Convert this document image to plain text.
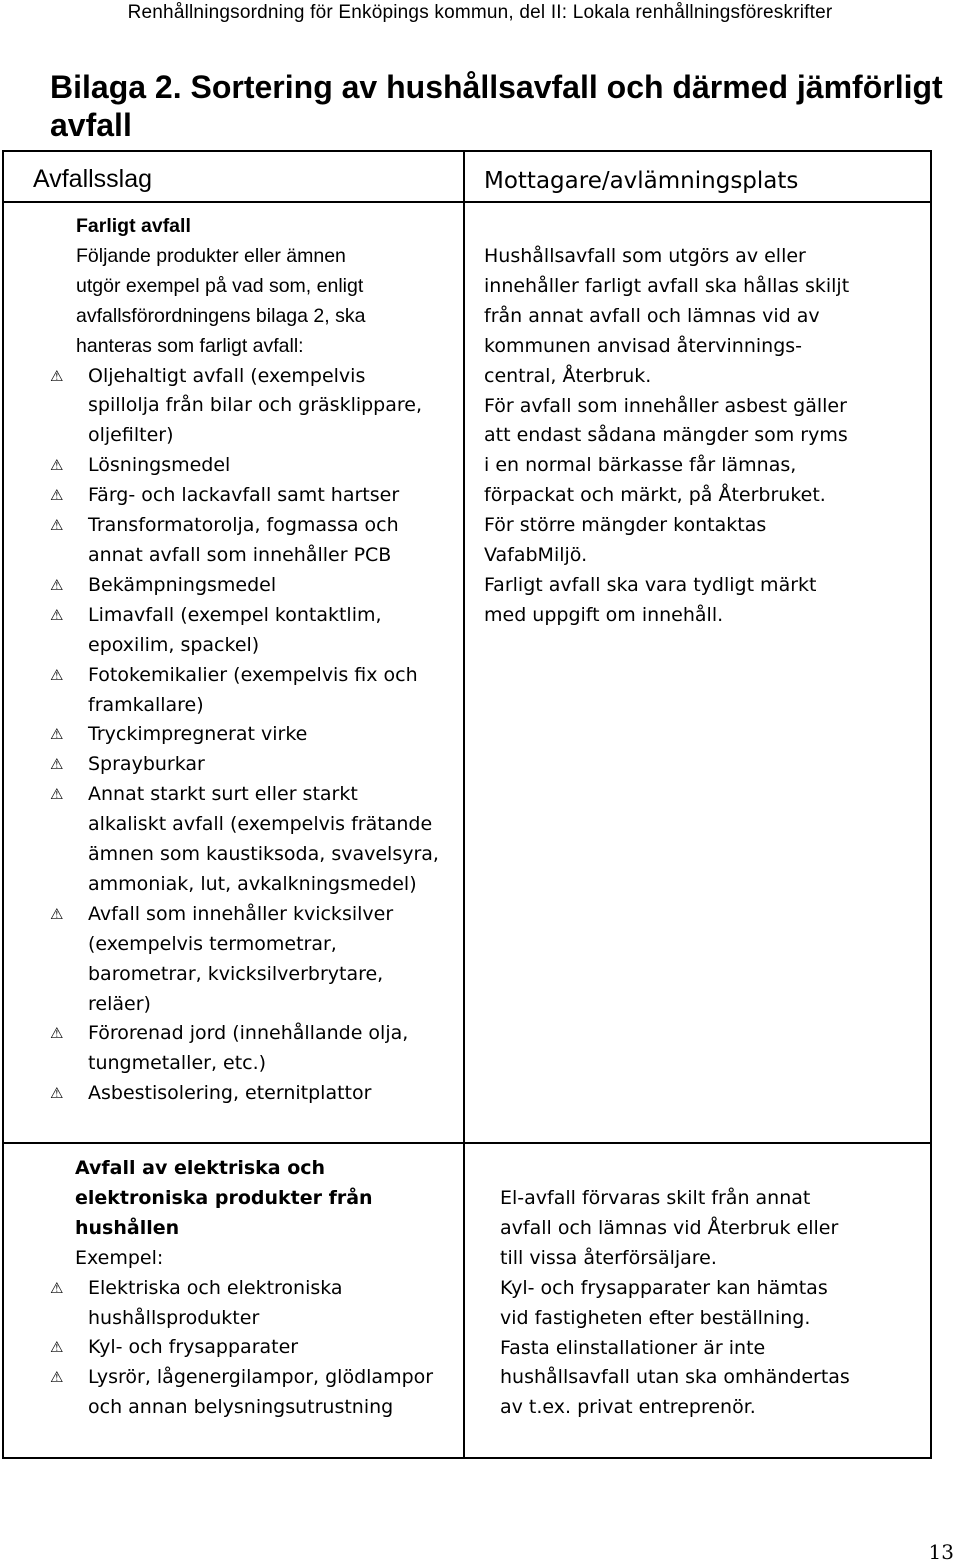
Renhållningsordning för Enköpings kommun, del II: Lokala renhållningsföreskrifter
Bilaga 2. Sortering av hushållsavfall och därmed jämförligt
avfall
Avfallsslag	Mottagare/avlämningsplats
Farligt avfall
Följande produkter eller ämnen
utgör exempel på vad som, enligt
avfallsförordningens bilaga 2, ska
hanteras som farligt avfall:
⚠ Oljehaltigt avfall (exempelvis
spillolja från bilar och gräsklippare,
oljefilter)
⚠ Lösningsmedel
⚠ Färg- och lackavfall samt hartser
⚠ Transformatorolja, fogmassa och
annat avfall som innehåller PCB
⚠ Bekämpningsmedel
⚠ Limavfall (exempel kontaktlim,
epoxilim, spackel)
⚠ Fotokemikalier (exempelvis fix och
framkallare)
⚠ Tryckimpregnerat virke
⚠ Sprayburkar
⚠ Annat starkt surt eller starkt
alkaliskt avfall (exempelvis frätande
ämnen som kaustiksoda, svavelsyra,
ammoniak, lut, avkalkningsmedel)
⚠ Avfall som innehåller kvicksilver
(exempelvis termometrar,
barometrar, kvicksilverbrytare,
reläer)
⚠ Förorenad jord (innehållande olja,
tungmetaller, etc.)
⚠ Asbestisolering, eternitplattor
Hushållsavfall som utgörs av eller
innehåller farligt avfall ska hållas skiljt
från annat avfall och lämnas vid av
kommunen anvisad återvinnings-
central, Återbruk.
För avfall som innehåller asbest gäller
att endast sådana mängder som ryms
i en normal bärkasse får lämnas,
förpackat och märkt, på Återbruket.
För större mängder kontaktas
VafabMiljö.
Farligt avfall ska vara tydligt märkt
med uppgift om innehåll.
Avfall av elektriska och
elektroniska produkter från
hushållen
Exempel:
⚠ Elektriska och elektroniska
hushållsprodukter
⚠ Kyl- och frysapparater
⚠ Lysrör, lågenergilampor, glödlampor
och annan belysningsutrustning
El-avfall förvaras skilt från annat
avfall och lämnas vid Återbruk eller
till vissa återförsäljare.
Kyl- och frysapparater kan hämtas
vid fastigheten efter beställning.
Fasta elinstallationer är inte
hushållsavfall utan ska omhändertas
av t.ex. privat entreprenör.
13
